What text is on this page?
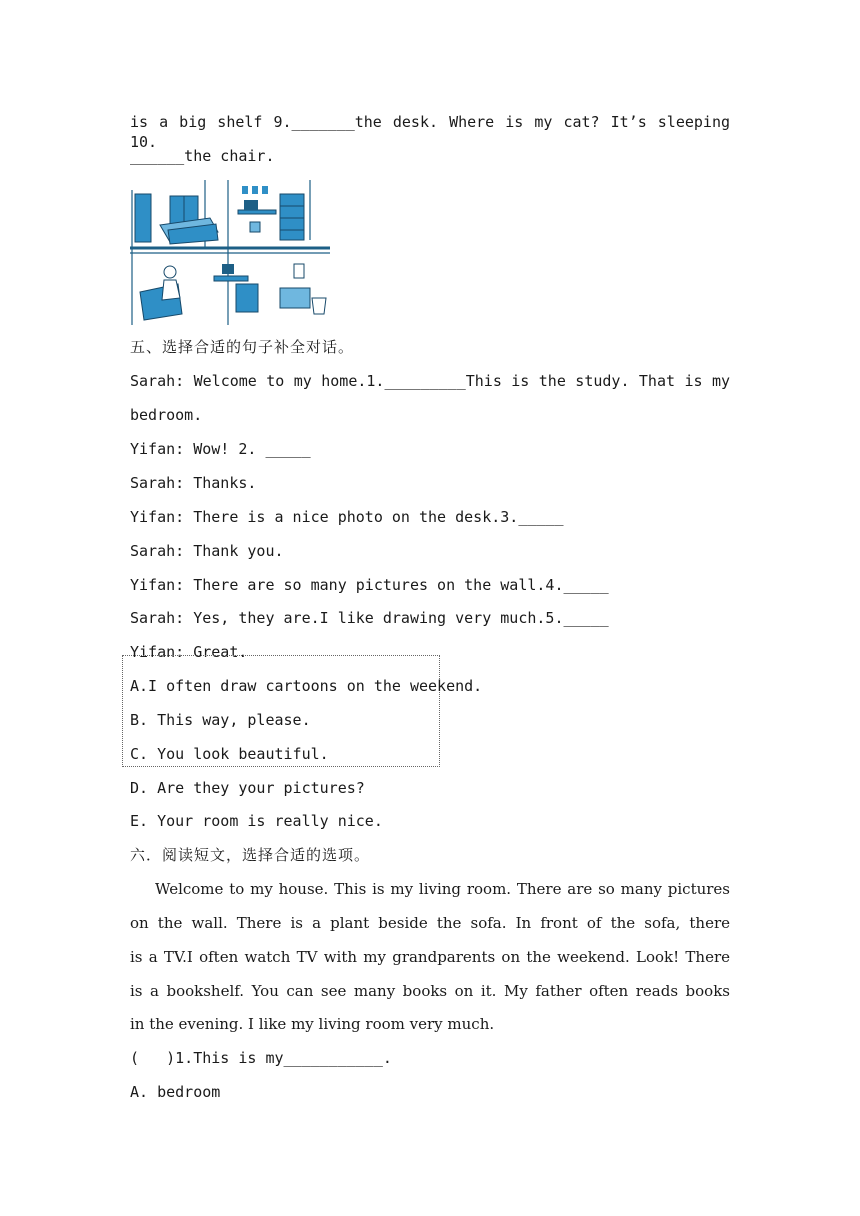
is a big shelf 9._______the desk. Where is my cat? It’s sleeping 10.
______the chair.
五、选择合适的句子补全对话。
Sarah: Welcome to my home.1._________This is the study. That is my
bedroom.
Yifan: Wow! 2. _____
Sarah: Thanks.
Yifan: There is a nice photo on the desk.3._____
Sarah: Thank you.
Yifan: There are so many pictures on the wall.4._____
Sarah: Yes, they are.I like drawing very much.5._____
Yifan: Great.
A.I often draw cartoons on the weekend.
B. This way, please.
C. You look beautiful.
D. Are they your pictures?
E. Your room is really nice.
六．阅读短文，选择合适的选项。
Welcome to my house. This is my living room. There are so many pictures
on the wall. There is a plant beside the sofa. In front of the sofa, there
is a TV.I often watch TV with my grandparents on the weekend. Look! There
is a bookshelf. You can see many books on it. My father often reads books
in the evening. I like my living room very much.
(   )1.This is my___________.
A. bedroom
